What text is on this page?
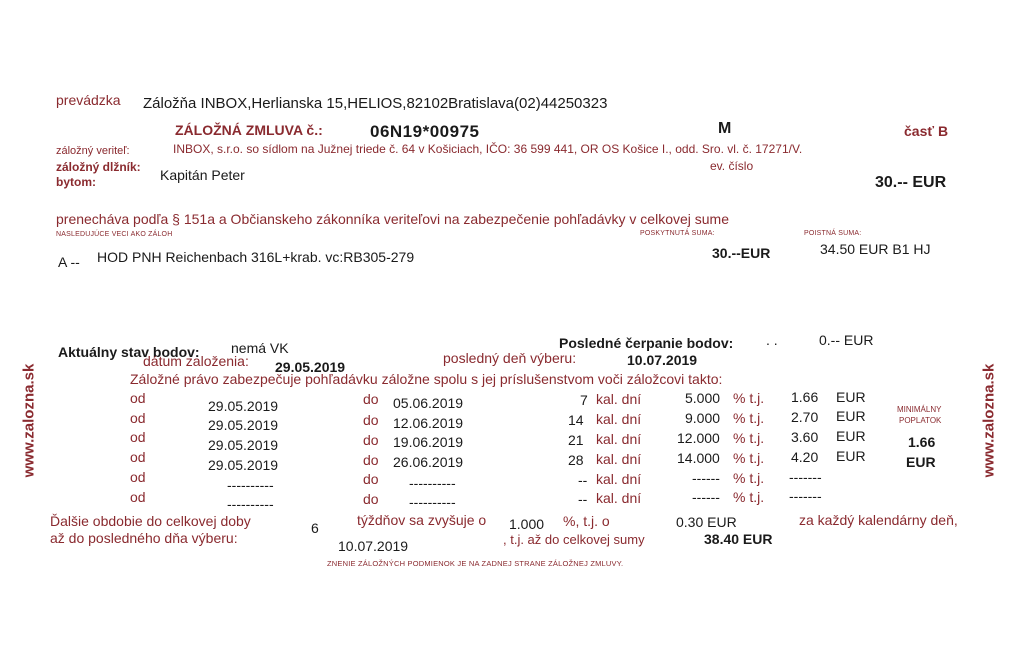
www.zalozna.sk	www.zalozna.sk
prevádzka Záložňa INBOX,Herlianska 15,HELIOS,82102Bratislava(02)44250323
ZÁLOŽNÁ ZMLUVA č.:	06N19*00975	M	časť B
záložný veriteľ:	INBOX, s.r.o. so sídlom na Južnej triede č. 64 v Košiciach, IČO: 36 599 441, OR OS Košice I., odd. Sro. vl. č. 17271/V.
záložný dlžník:
bytom:	Kapitán Peter
ev. číslo
30.-- EUR
prenecháva podľa § 151a a Občianskeho zákonníka veriteľovi na zabezpečenie pohľadávky v celkovej sume
NASLEDUJÚCE VECI AKO ZÁLOH	POSKYTNUTÁ SUMA:	POISTNÁ SUMA:
A -- HOD PNH Reichenbach 316L+krab. vc:RB305-279	30.--EUR	34.50 EUR B1 HJ
Aktuálny stav bodov: nemá VK	Posledné čerpanie bodov: . .	0.-- EUR
dátum založenia: 29.05.2019
posledný deň výberu:	10.07.2019
Záložné právo zabezpečuje pohľadávku záložne spolu s jej príslušenstvom voči záložcovi takto:
od	29.05.2019	do 05.06.2019	7 kal. dní	5.000 % t.j. 1.66 EUR
od	29.05.2019	do 12.06.2019	14 kal. dní	9.000 % t.j. 2.70 EUR
od	29.05.2019	do 19.06.2019	21 kal. dní	12.000 % t.j. 3.60 EUR
od	29.05.2019	do 26.06.2019	28 kal. dní	14.000 % t.j. 4.20 EUR
od	----------	do ----------	-- kal. dní	------ % t.j. -------
od	----------	do ----------	-- kal. dní	------ % t.j. -------
MINIMÁLNY
POPLATOK
1.66
EUR
Ďalšie obdobie do celkovej doby
až do posledného dňa výberu:
6	týždňov sa zvyšuje o 1.000 %, t.j. o	0.30 EUR	za každý kalendárny deň,
10.07.2019	, t.j. až do celkovej sumy	38.40 EUR
ZNENIE ZÁLOŽNÝCH PODMIENOK JE NA ZADNEJ STRANE ZÁLOŽNEJ ZMLUVY.
